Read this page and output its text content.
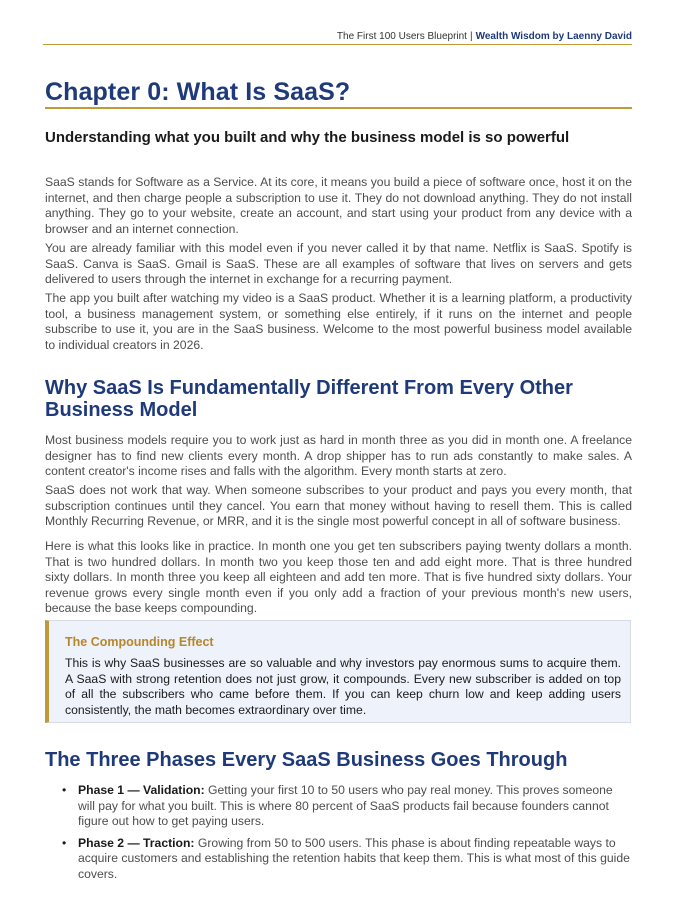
The First 100 Users Blueprint | Wealth Wisdom by Laenny David
Chapter 0: What Is SaaS?
Understanding what you built and why the business model is so powerful

SaaS stands for Software as a Service. At its core, it means you build a piece of software once, host it on the internet, and then charge people a subscription to use it. They do not download anything. They do not install anything. They go to your website, create an account, and start using your product from any device with a browser and an internet connection.

You are already familiar with this model even if you never called it by that name. Netflix is SaaS. Spotify is SaaS. Canva is SaaS. Gmail is SaaS. These are all examples of software that lives on servers and gets delivered to users through the internet in exchange for a recurring payment.

The app you built after watching my video is a SaaS product. Whether it is a learning platform, a productivity tool, a business management system, or something else entirely, if it runs on the internet and people subscribe to use it, you are in the SaaS business. Welcome to the most powerful business model available to individual creators in 2026.

Why SaaS Is Fundamentally Different From Every Other Business Model

Most business models require you to work just as hard in month three as you did in month one. A freelance designer has to find new clients every month. A drop shipper has to run ads constantly to make sales. A content creator's income rises and falls with the algorithm. Every month starts at zero.

SaaS does not work that way. When someone subscribes to your product and pays you every month, that subscription continues until they cancel. You earn that money without having to resell them. This is called Monthly Recurring Revenue, or MRR, and it is the single most powerful concept in all of software business.

Here is what this looks like in practice. In month one you get ten subscribers paying twenty dollars a month. That is two hundred dollars. In month two you keep those ten and add eight more. That is three hundred sixty dollars. In month three you keep all eighteen and add ten more. That is five hundred sixty dollars. Your revenue grows every single month even if you only add a fraction of your previous month's new users, because the base keeps compounding.

The Compounding Effect

This is why SaaS businesses are so valuable and why investors pay enormous sums to acquire them. A SaaS with strong retention does not just grow, it compounds. Every new subscriber is added on top of all the subscribers who came before them. If you can keep churn low and keep adding users consistently, the math becomes extraordinary over time.

The Three Phases Every SaaS Business Goes Through
• Phase 1 — Validation: Getting your first 10 to 50 users who pay real money. This proves someone will pay for what you built. This is where 80 percent of SaaS products fail because founders cannot figure out how to get paying users.
• Phase 2 — Traction: Growing from 50 to 500 users. This phase is about finding repeatable ways to acquire customers and establishing the retention habits that keep them. This is what most of this guide covers.
